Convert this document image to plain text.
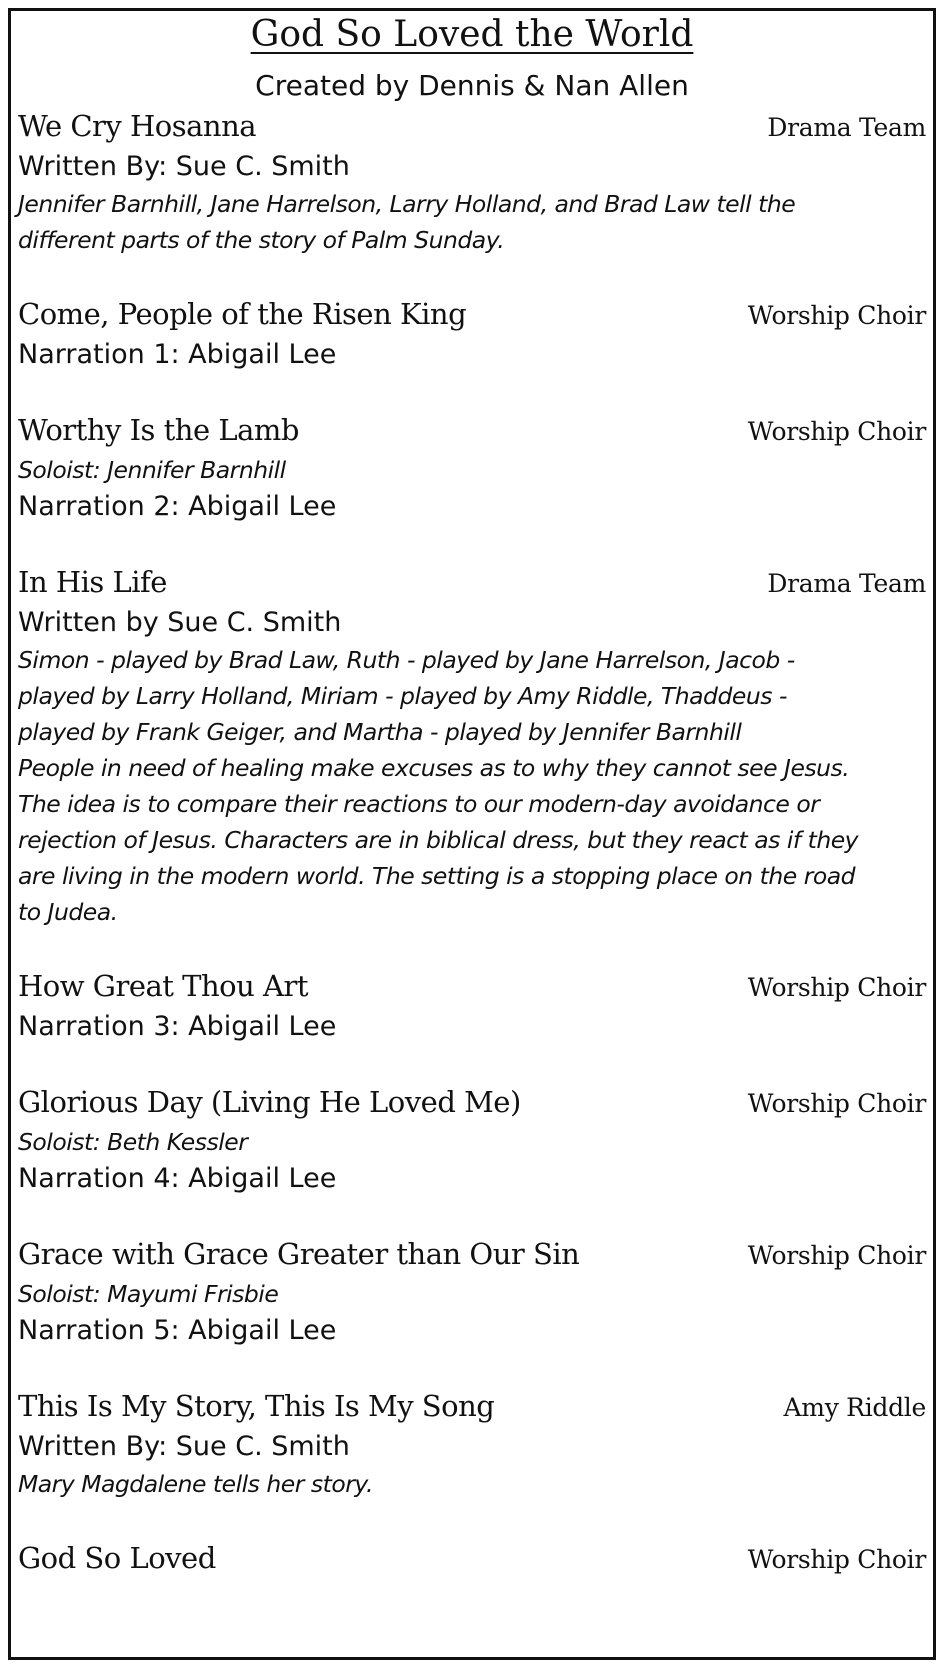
God So Loved the World
Created by Dennis & Nan Allen
We Cry Hosanna	Drama Team
Written By: Sue C. Smith
Jennifer Barnhill, Jane Harrelson, Larry Holland, and Brad Law tell the
different parts of the story of Palm Sunday.
Come, People of the Risen King	Worship Choir
Narration 1: Abigail Lee
Worthy Is the Lamb	Worship Choir
Soloist: Jennifer Barnhill
Narration 2: Abigail Lee
In His Life	Drama Team
Written by Sue C. Smith
Simon - played by Brad Law, Ruth - played by Jane Harrelson, Jacob -
played by Larry Holland, Miriam - played by Amy Riddle, Thaddeus -
played by Frank Geiger, and Martha - played by Jennifer Barnhill
People in need of healing make excuses as to why they cannot see Jesus.
The idea is to compare their reactions to our modern-day avoidance or
rejection of Jesus. Characters are in biblical dress, but they react as if they
are living in the modern world. The setting is a stopping place on the road
to Judea.
How Great Thou Art	Worship Choir
Narration 3: Abigail Lee
Glorious Day (Living He Loved Me)	Worship Choir
Soloist: Beth Kessler
Narration 4: Abigail Lee
Grace with Grace Greater than Our Sin	Worship Choir
Soloist: Mayumi Frisbie
Narration 5: Abigail Lee
This Is My Story, This Is My Song	Amy Riddle
Written By: Sue C. Smith
Mary Magdalene tells her story.
God So Loved	Worship Choir
